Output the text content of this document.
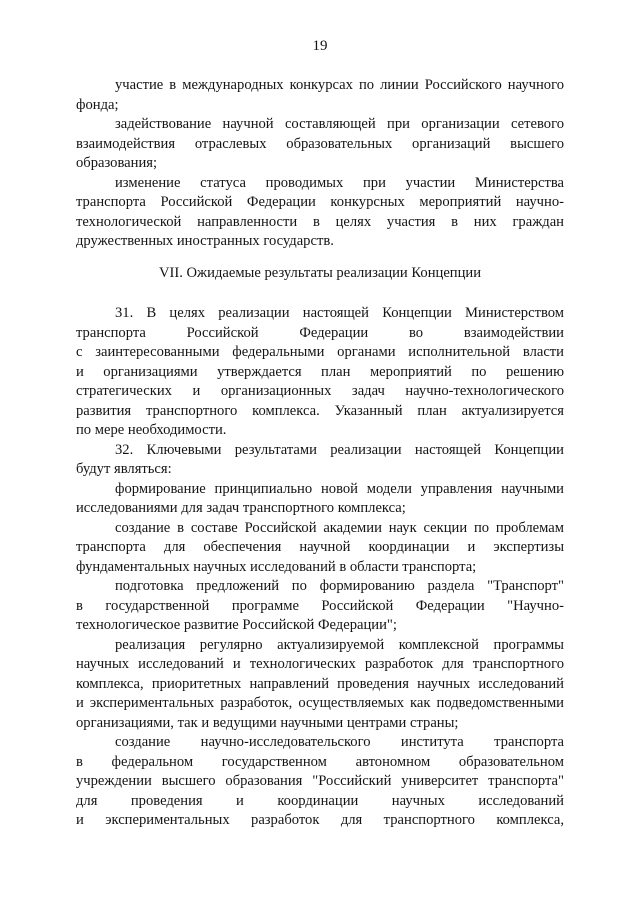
19
участие в международных конкурсах по линии Российского научного
фонда;
задействование научной составляющей при организации сетевого
взаимодействия отраслевых образовательных организаций высшего
образования;
изменение статуса проводимых при участии Министерства
транспорта Российской Федерации конкурсных мероприятий научно-
технологической направленности в целях участия в них граждан
дружественных иностранных государств.
VII. Ожидаемые результаты реализации Концепции
31. В целях реализации настоящей Концепции Министерством
транспорта Российской Федерации во взаимодействии
с заинтересованными федеральными органами исполнительной власти
и организациями утверждается план мероприятий по решению
стратегических и организационных задач научно-технологического
развития транспортного комплекса. Указанный план актуализируется
по мере необходимости.
32. Ключевыми результатами реализации настоящей Концепции
будут являться:
формирование принципиально новой модели управления научными
исследованиями для задач транспортного комплекса;
создание в составе Российской академии наук секции по проблемам
транспорта для обеспечения научной координации и экспертизы
фундаментальных научных исследований в области транспорта;
подготовка предложений по формированию раздела "Транспорт"
в государственной программе Российской Федерации "Научно-
технологическое развитие Российской Федерации";
реализация регулярно актуализируемой комплексной программы
научных исследований и технологических разработок для транспортного
комплекса, приоритетных направлений проведения научных исследований
и экспериментальных разработок, осуществляемых как подведомственными
организациями, так и ведущими научными центрами страны;
создание научно-исследовательского института транспорта
в федеральном государственном автономном образовательном
учреждении высшего образования "Российский университет транспорта"
для проведения и координации научных исследований
и экспериментальных разработок для транспортного комплекса,
